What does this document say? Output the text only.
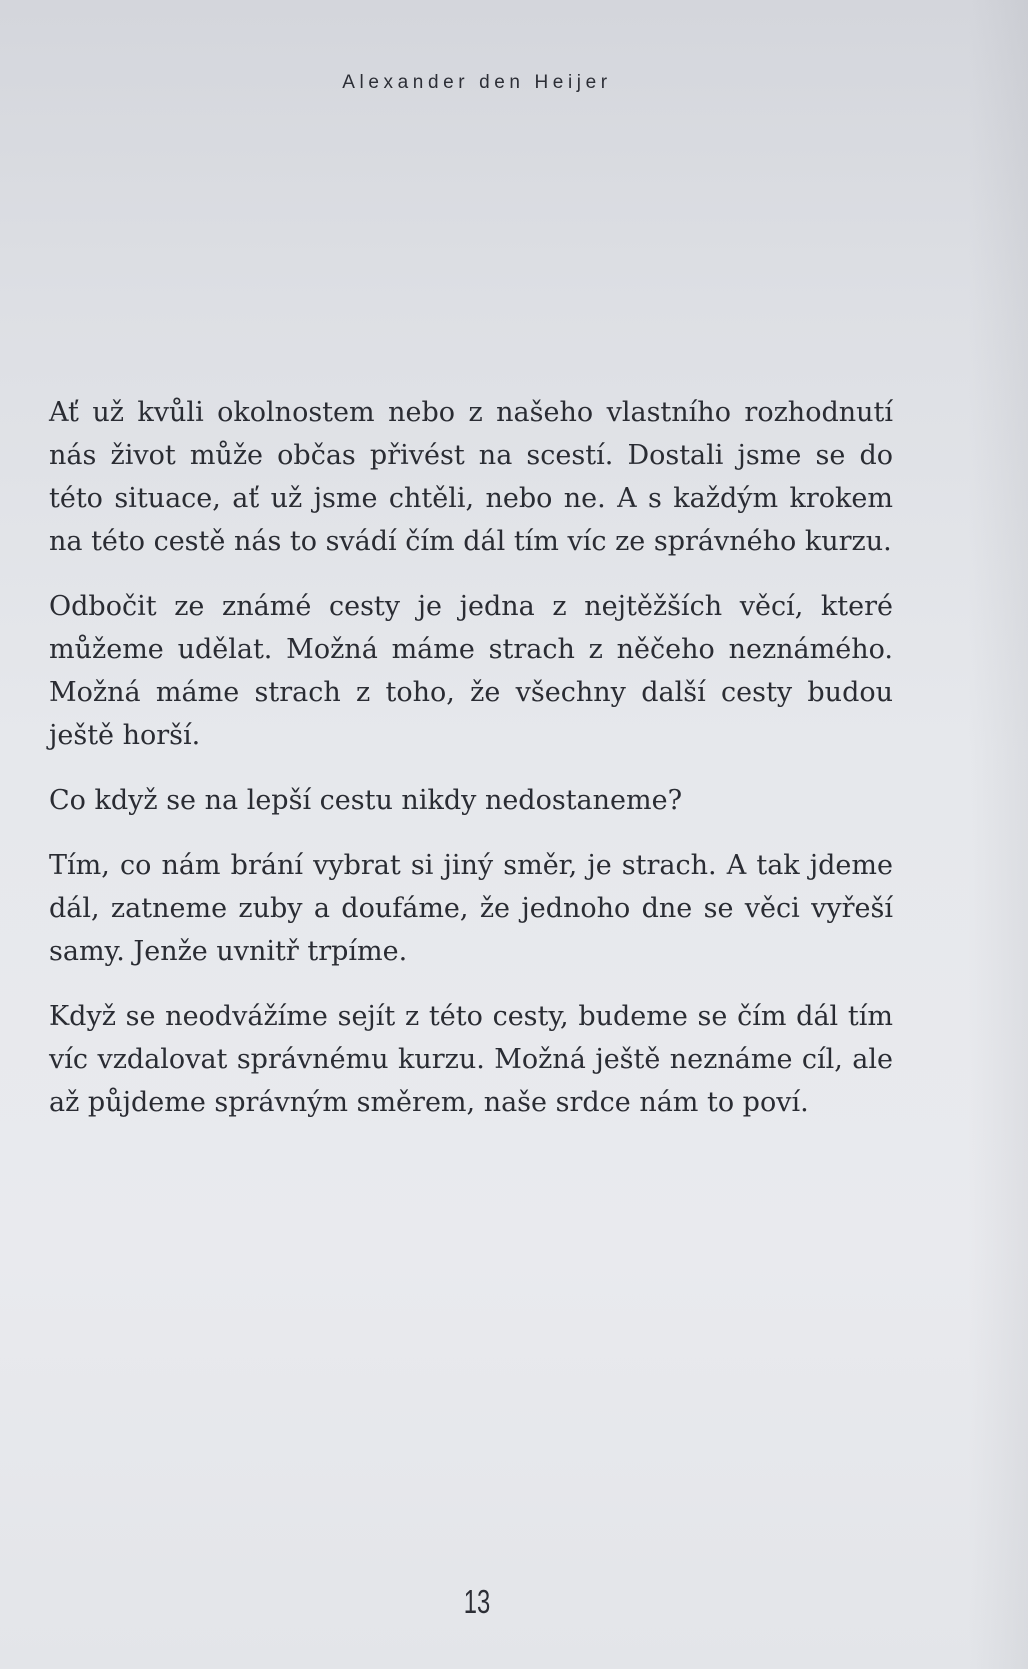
Alexander den Heijer

Ať už kvůli okolnostem nebo z našeho vlastního rozhodnutí nás život může občas přivést na scestí. Dostali jsme se do této situace, ať už jsme chtěli, nebo ne. A s každým krokem na této cestě nás to svádí čím dál tím víc ze správného kurzu.

Odbočit ze známé cesty je jedna z nejtěžších věcí, které můžeme udělat. Možná máme strach z něčeho neznámého. Možná máme strach z toho, že všechny další cesty budou ještě horší.

Co když se na lepší cestu nikdy nedostaneme?

Tím, co nám brání vybrat si jiný směr, je strach. A tak jdeme dál, zatneme zuby a doufáme, že jednoho dne se věci vyřeší samy. Jenže uvnitř trpíme.

Když se neodvážíme sejít z této cesty, budeme se čím dál tím víc vzdalovat správnému kurzu. Možná ještě neznáme cíl, ale až půjdeme správným směrem, naše srdce nám to poví.

13
